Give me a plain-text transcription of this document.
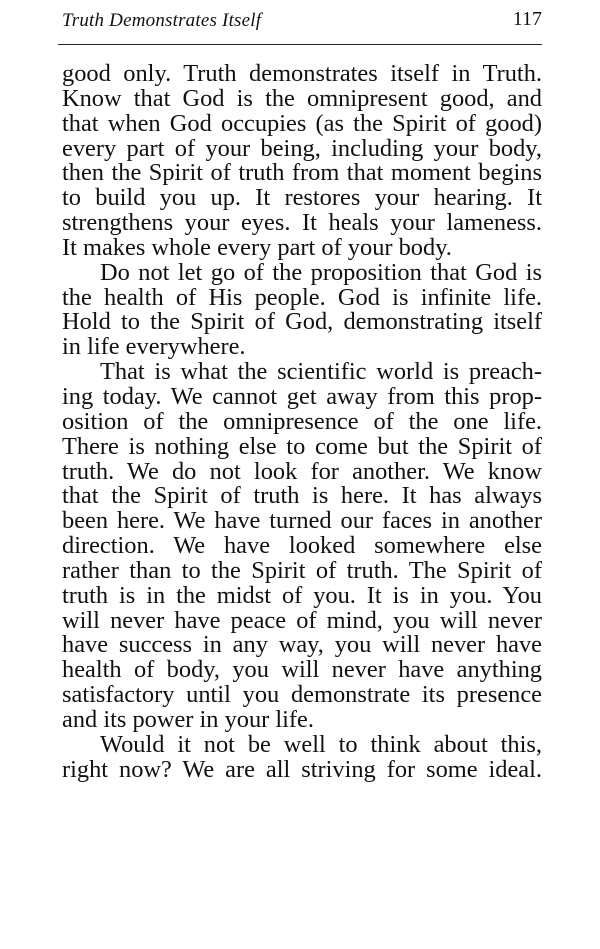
Truth Demonstrates Itself	117
good only. Truth demonstrates itself in Truth.
Know that God is the omnipresent good, and
that when God occupies (as the Spirit of good)
every part of your being, including your body,
then the Spirit of truth from that moment begins
to build you up. It restores your hearing. It
strengthens your eyes. It heals your lameness.
It makes whole every part of your body.
Do not let go of the proposition that God is
the health of His people. God is infinite life.
Hold to the Spirit of God, demonstrating itself
in life everywhere.
That is what the scientific world is preach-
ing today. We cannot get away from this prop-
osition of the omnipresence of the one life.
There is nothing else to come but the Spirit of
truth. We do not look for another. We know
that the Spirit of truth is here. It has always
been here. We have turned our faces in another
direction. We have looked somewhere else
rather than to the Spirit of truth. The Spirit of
truth is in the midst of you. It is in you. You
will never have peace of mind, you will never
have success in any way, you will never have
health of body, you will never have anything
satisfactory until you demonstrate its presence
and its power in your life.
Would it not be well to think about this,
right now? We are all striving for some ideal.
